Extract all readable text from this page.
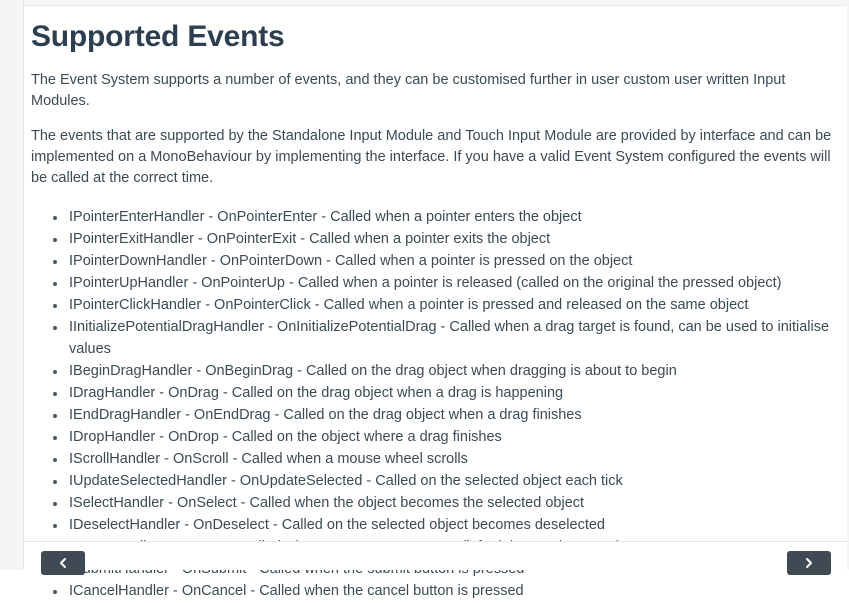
Supported Events

The Event System supports a number of events, and they can be customised further in user custom user written Input Modules.

The events that are supported by the Standalone Input Module and Touch Input Module are provided by interface and can be implemented on a MonoBehaviour by implementing the interface. If you have a valid Event System configured the events will be called at the correct time.

IPointerEnterHandler - OnPointerEnter - Called when a pointer enters the object
IPointerExitHandler - OnPointerExit - Called when a pointer exits the object
IPointerDownHandler - OnPointerDown - Called when a pointer is pressed on the object
IPointerUpHandler - OnPointerUp - Called when a pointer is released (called on the original the pressed object)
IPointerClickHandler - OnPointerClick - Called when a pointer is pressed and released on the same object
IInitializePotentialDragHandler - OnInitializePotentialDrag - Called when a drag target is found, can be used to initialise values
IBeginDragHandler - OnBeginDrag - Called on the drag object when dragging is about to begin
IDragHandler - OnDrag - Called on the drag object when a drag is happening
IEndDragHandler - OnEndDrag - Called on the drag object when a drag finishes
IDropHandler - OnDrop - Called on the object where a drag finishes
IScrollHandler - OnScroll - Called when a mouse wheel scrolls
IUpdateSelectedHandler - OnUpdateSelected - Called on the selected object each tick
ISelectHandler - OnSelect - Called when the object becomes the selected object
IDeselectHandler - OnDeselect - Called on the selected object becomes deselected
ICancelHandler - OnCancel - Called when the cancel button is pressed
